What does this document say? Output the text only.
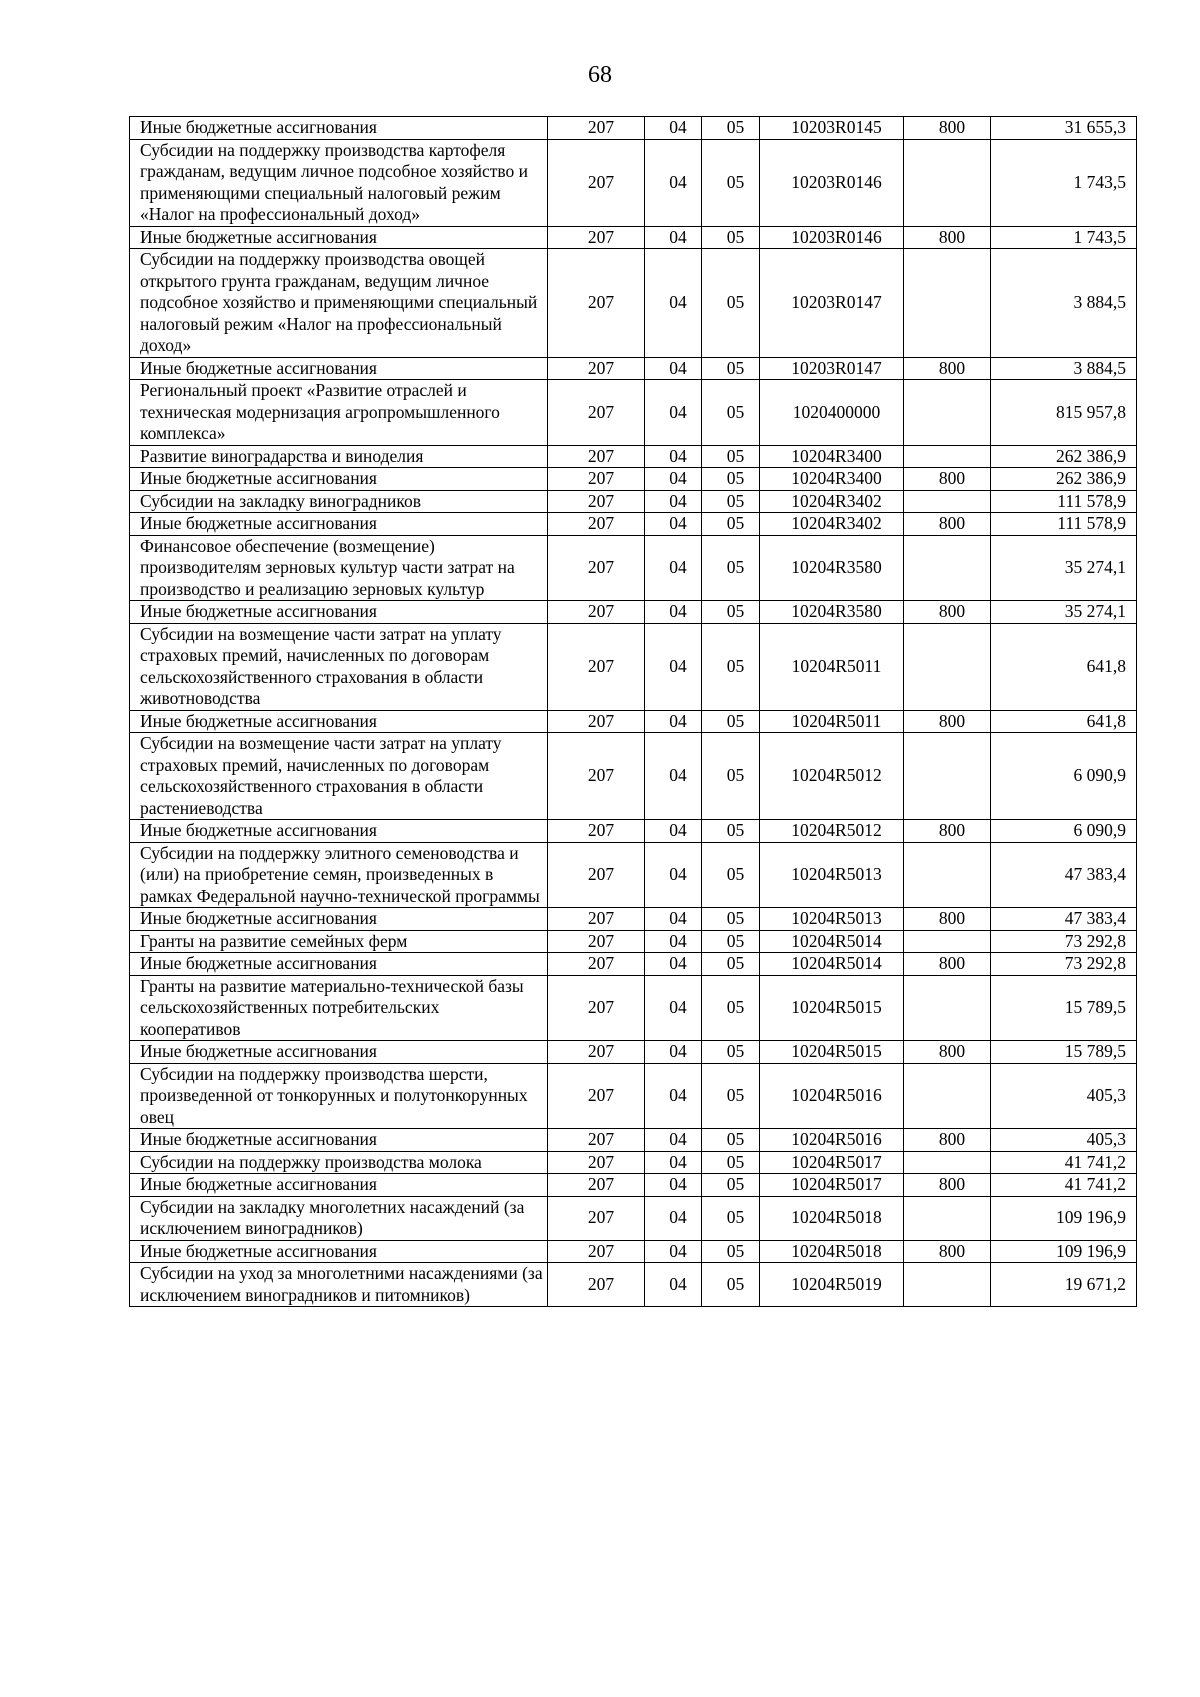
68
Иные бюджетные ассигнования	207	04	05	10203R0145	800	31 655,3
Субсидии на поддержку производства картофеля гражданам, ведущим личное подсобное хозяйство и применяющими специальный налоговый режим «Налог на профессиональный доход»	207	04	05	10203R0146		1 743,5
Иные бюджетные ассигнования	207	04	05	10203R0146	800	1 743,5
Субсидии на поддержку производства овощей открытого грунта гражданам, ведущим личное подсобное хозяйство и применяющими специальный налоговый режим «Налог на профессиональный доход»	207	04	05	10203R0147		3 884,5
Иные бюджетные ассигнования	207	04	05	10203R0147	800	3 884,5
Региональный проект «Развитие отраслей и техническая модернизация агропромышленного комплекса»	207	04	05	1020400000		815 957,8
Развитие виноградарства и виноделия	207	04	05	10204R3400		262 386,9
Иные бюджетные ассигнования	207	04	05	10204R3400	800	262 386,9
Субсидии на закладку виноградников	207	04	05	10204R3402		111 578,9
Иные бюджетные ассигнования	207	04	05	10204R3402	800	111 578,9
Финансовое обеспечение (возмещение) производителям зерновых культур части затрат на производство и реализацию зерновых культур	207	04	05	10204R3580		35 274,1
Иные бюджетные ассигнования	207	04	05	10204R3580	800	35 274,1
Субсидии на возмещение части затрат на уплату страховых премий, начисленных по договорам сельскохозяйственного страхования в области животноводства	207	04	05	10204R5011		641,8
Иные бюджетные ассигнования	207	04	05	10204R5011	800	641,8
Субсидии на возмещение части затрат на уплату страховых премий, начисленных по договорам сельскохозяйственного страхования в области растениеводства	207	04	05	10204R5012		6 090,9
Иные бюджетные ассигнования	207	04	05	10204R5012	800	6 090,9
Субсидии на поддержку элитного семеноводства и (или) на приобретение семян, произведенных в рамках Федеральной научно-технической программы	207	04	05	10204R5013		47 383,4
Иные бюджетные ассигнования	207	04	05	10204R5013	800	47 383,4
Гранты на развитие семейных ферм	207	04	05	10204R5014		73 292,8
Иные бюджетные ассигнования	207	04	05	10204R5014	800	73 292,8
Гранты на развитие материально-технической базы сельскохозяйственных потребительских кооперативов	207	04	05	10204R5015		15 789,5
Иные бюджетные ассигнования	207	04	05	10204R5015	800	15 789,5
Субсидии на поддержку производства шерсти, произведенной от тонкорунных и полутонкорунных овец	207	04	05	10204R5016		405,3
Иные бюджетные ассигнования	207	04	05	10204R5016	800	405,3
Субсидии на поддержку производства молока	207	04	05	10204R5017		41 741,2
Иные бюджетные ассигнования	207	04	05	10204R5017	800	41 741,2
Субсидии на закладку многолетних насаждений (за исключением виноградников)	207	04	05	10204R5018		109 196,9
Иные бюджетные ассигнования	207	04	05	10204R5018	800	109 196,9
Субсидии на уход за многолетними насаждениями (за исключением виноградников и питомников)	207	04	05	10204R5019		19 671,2
